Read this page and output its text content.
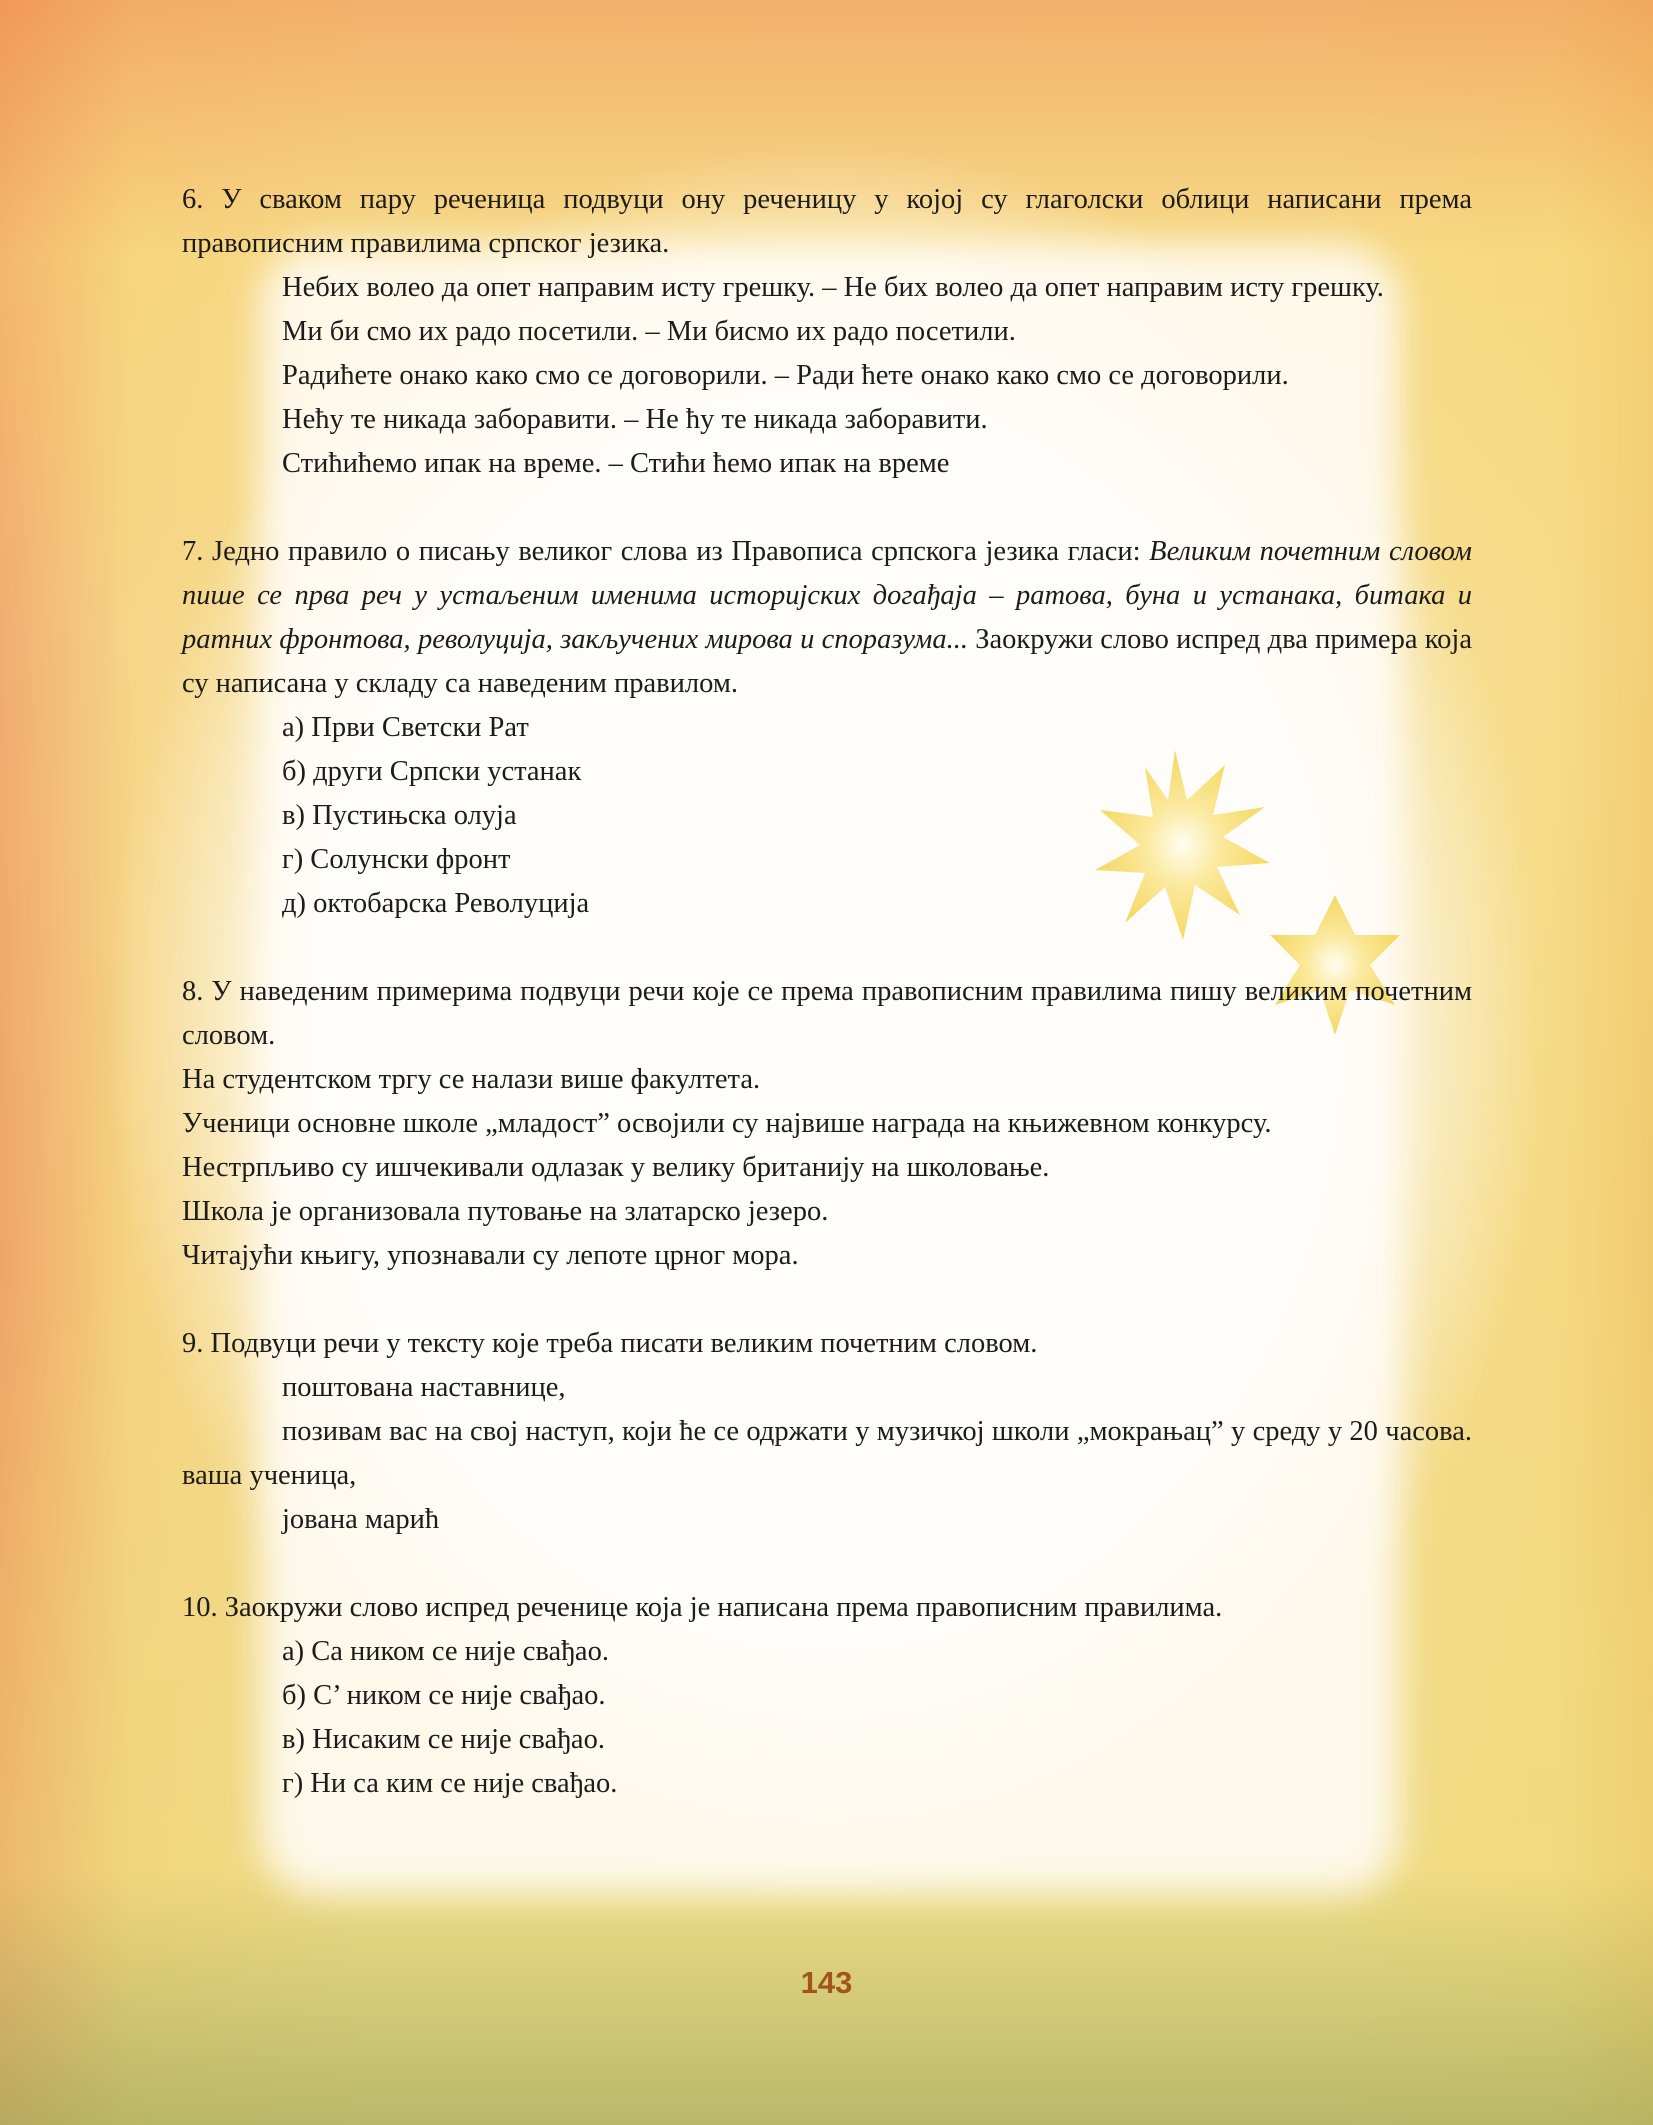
6. У сваком пару реченица подвуци ону реченицу у којој су глаголски облици написани према правописним правилима српског језика.

Небих волео да опет направим исту грешку. – Не бих волео да опет направим исту грешку.

Ми би смо их радо посетили. – Ми бисмо их радо посетили.

Радићете онако како смо се договорили. – Ради ћете онако како смо се договорили.

Нећу те никада заборавити. – Не ћу те никада заборавити.

Стићићемо ипак на време. – Стићи ћемо ипак на време

7. Једно правило о писању великог слова из Правописа српскога језика гласи: Великим почетним словом пише се прва реч у устаљеним именима историјских догађаја – ратова, буна и устанака, битака и ратних фронтова, револуција, закључених мирова и споразума... Заокружи слово испред два примера која су написана у складу са наведеним правилом.

а) Први Светски Рат

б) други Српски устанак

в) Пустињска олуја

г) Солунски фронт

д) октобарска Револуција

8. У наведеним примерима подвуци речи које се према правописним правилима пишу великим почетним словом.

На студентском тргу се налази више факултета.

Ученици основне школе „младост” освојили су највише награда на књижевном конкурсу.

Нестрпљиво су ишчекивали одлазак у велику британију на школовање.

Школа је организовала путовање на златарско језеро.

Читајући књигу, упознавали су лепоте црног мора.

9. Подвуци речи у тексту које треба писати великим почетним словом.

поштована наставнице,

позивам вас на свој наступ, који ће се одржати у музичкој школи „мокрањац” у среду у 20 часова. ваша ученица,

јована марић

10. Заокружи слово испред реченице која је написана према правописним правилима.

а) Са ником се није свађао.

б) С’ ником се није свађао.

в) Нисаким се није свађао.

г) Ни са ким се није свађао.

143
